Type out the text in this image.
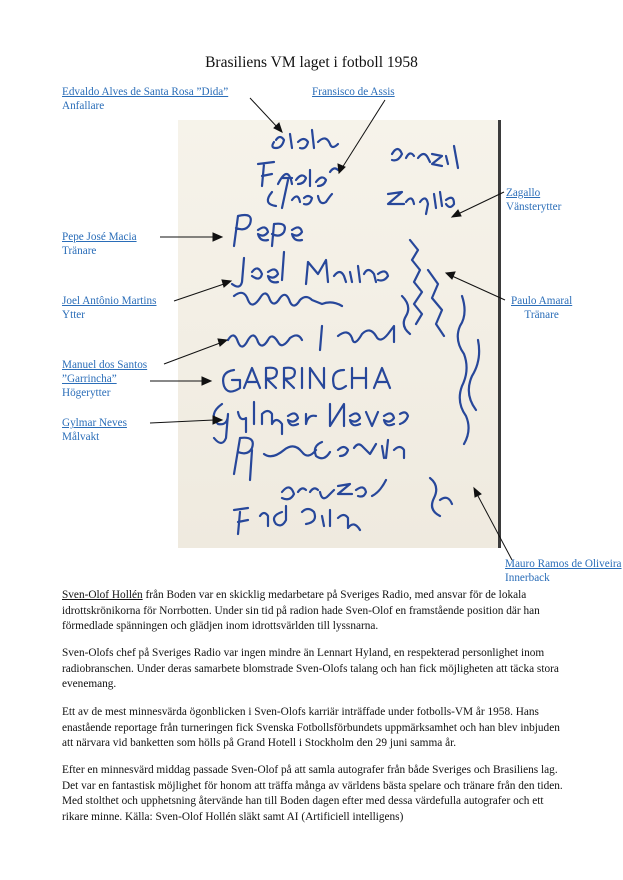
Brasiliens VM laget i fotboll 1958
Edvaldo Alves de Santa Rosa ”Dida”
Anfallare
Fransisco de Assis
Zagallo
Vänsterytter
Pepe José Macia
Tränare
Joel Antônio Martins
Ytter
Paulo Amaral
Tränare
Manuel dos Santos
”Garrincha”
Högerytter
Gylmar Neves
Målvakt
Mauro Ramos de Oliveira
Innerback

Sven-Olof Hollén från Boden var en skicklig medarbetare på Sveriges Radio, med ansvar för de lokala idrottskrönikorna för Norrbotten. Under sin tid på radion hade Sven-Olof en framstående position där han förmedlade spänningen och glädjen inom idrottsvärlden till lyssnarna.

Sven-Olofs chef på Sveriges Radio var ingen mindre än Lennart Hyland, en respekterad personlighet inom radiobranschen. Under deras samarbete blomstrade Sven-Olofs talang och han fick möjligheten att täcka stora evenemang.

Ett av de mest minnesvärda ögonblicken i Sven-Olofs karriär inträffade under fotbolls-VM år 1958. Hans enastående reportage från turneringen fick Svenska Fotbollsförbundets uppmärksamhet och han blev inbjuden att närvara vid banketten som hölls på Grand Hotell i Stockholm den 29 juni samma år.

Efter en minnesvärd middag passade Sven-Olof på att samla autografer från både Sveriges och Brasiliens lag. Det var en fantastisk möjlighet för honom att träffa många av världens bästa spelare och tränare från den tiden. Med stolthet och upphetsning återvände han till Boden dagen efter med dessa värdefulla autografer och ett rikare minne. Källa: Sven-Olof Hollén släkt samt AI (Artificiell intelligens)
